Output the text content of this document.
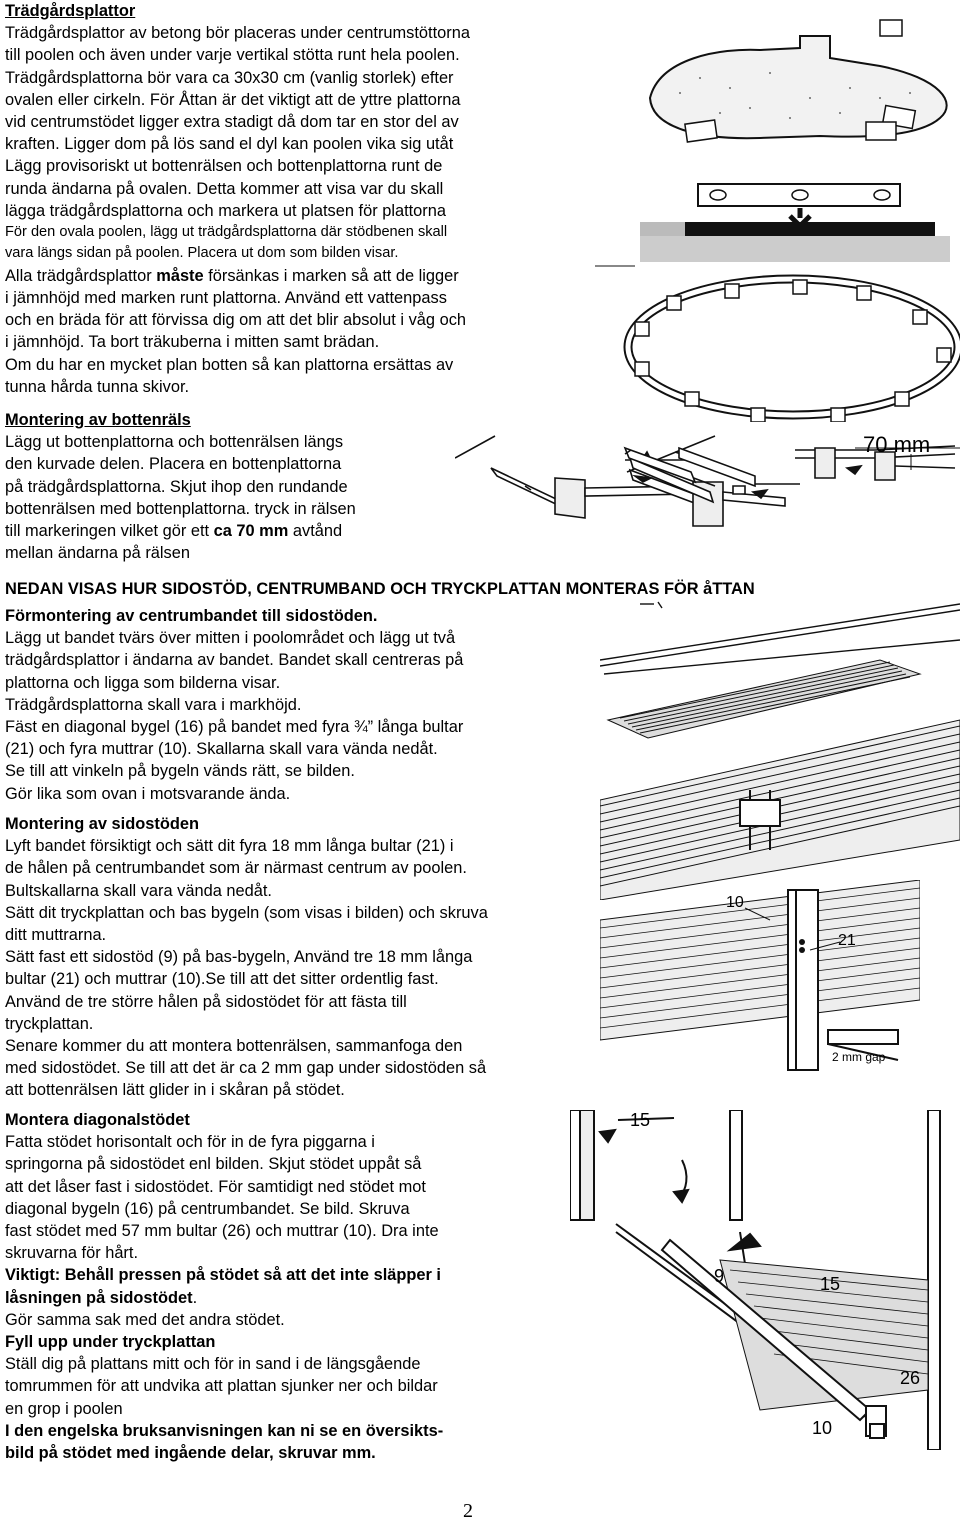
Trädgårdsplattor

Trädgårdsplattor av betong bör placeras under centrumstöttorna

till poolen och även under varje vertikal stötta runt hela poolen.

Trädgårdsplattorna bör vara ca 30x30 cm (vanlig storlek) efter

ovalen eller cirkeln. För Åttan är det viktigt att de yttre plattorna

vid centrumstödet ligger extra stadigt då dom tar en stor del av

kraften. Ligger dom på lös sand el dyl kan poolen vika sig utåt

Lägg provisoriskt ut bottenrälsen och bottenplattorna runt de

runda ändarna på ovalen. Detta kommer att visa var du skall

lägga trädgårdsplattorna och markera ut platsen för plattorna

För den ovala poolen, lägg ut trädgårdsplattorna där stödbenen skall

vara längs sidan på poolen. Placera ut dom som bilden visar.

Alla trädgårdsplattor måste försänkas i marken så att de ligger

i jämnhöjd med marken runt plattorna. Använd ett vattenpass

och en bräda för att förvissa dig om att det blir absolut i våg och

i jämnhöjd. Ta bort träkuberna i mitten samt brädan.

Om du har en mycket plan botten så kan plattorna ersättas av

tunna hårda tunna skivor.

Montering av bottenräls

Lägg ut bottenplattorna och bottenrälsen längs

den kurvade delen. Placera en bottenplattorna

på trädgårdsplattorna. Skjut ihop den rundande

bottenrälsen med bottenplattorna. tryck in rälsen

till markeringen vilket gör ett ca 70 mm avtånd

mellan ändarna på rälsen

NEDAN VISAS HUR SIDOSTÖD, CENTRUMBAND OCH TRYCKPLATTAN MONTERAS FÖR åTTAN

Förmontering av centrumbandet till sidostöden.

Lägg ut bandet tvärs över mitten i poolområdet och lägg ut två

trädgårdsplattor i ändarna av bandet. Bandet skall centreras på

plattorna och ligga som bilderna visar.

Trädgårdsplattorna skall vara i markhöjd.

Fäst en diagonal bygel (16) på bandet med fyra ¾” långa bultar

(21) och fyra muttrar (10). Skallarna skall vara vända nedåt.

Se till att vinkeln på bygeln vänds rätt, se bilden.

Gör lika som ovan i motsvarande ända.

Montering av sidostöden

Lyft bandet försiktigt och sätt dit fyra 18 mm långa bultar (21) i

de hålen på centrumbandet som är närmast centrum av poolen.

Bultskallarna skall vara vända nedåt.

Sätt dit tryckplattan och bas bygeln (som visas i bilden) och skruva

ditt muttrarna.

Sätt fast ett sidostöd (9) på bas-bygeln, Använd tre 18 mm långa

bultar (21) och muttrar (10).Se till att det sitter ordentlig fast.

Använd de tre större hålen på sidostödet för att fästa till

tryckplattan.

Senare kommer du att montera bottenrälsen, sammanfoga den

med sidostödet. Se till att det är ca 2 mm gap under sidostöden så

att bottenrälsen lätt glider in i skåran på stödet.

Montera diagonalstödet

Fatta stödet horisontalt och för in de fyra piggarna i

springorna på sidostödet enl bilden. Skjut stödet uppåt så

att det låser fast i sidostödet. För samtidigt ned stödet mot

diagonal bygeln (16) på centrumbandet. Se bild. Skruva

fast stödet med 57 mm bultar (26) och muttrar (10). Dra inte

skruvarna för hårt.

Viktigt: Behåll pressen på stödet så att det inte släpper i

låsningen på sidostödet.

Gör samma sak med det andra stödet.

Fyll upp under tryckplattan

Ställ dig på plattans mitt och för in sand i de längsgående

tomrummen för att undvika att plattan sjunker ner och bildar

en grop i poolen

I den engelska bruksanvisningen kan ni se en översikts-

bild på stödet med ingående delar, skruvar mm.

70 mm
10
21
2 mm gap
15
9	15
26
10
2
